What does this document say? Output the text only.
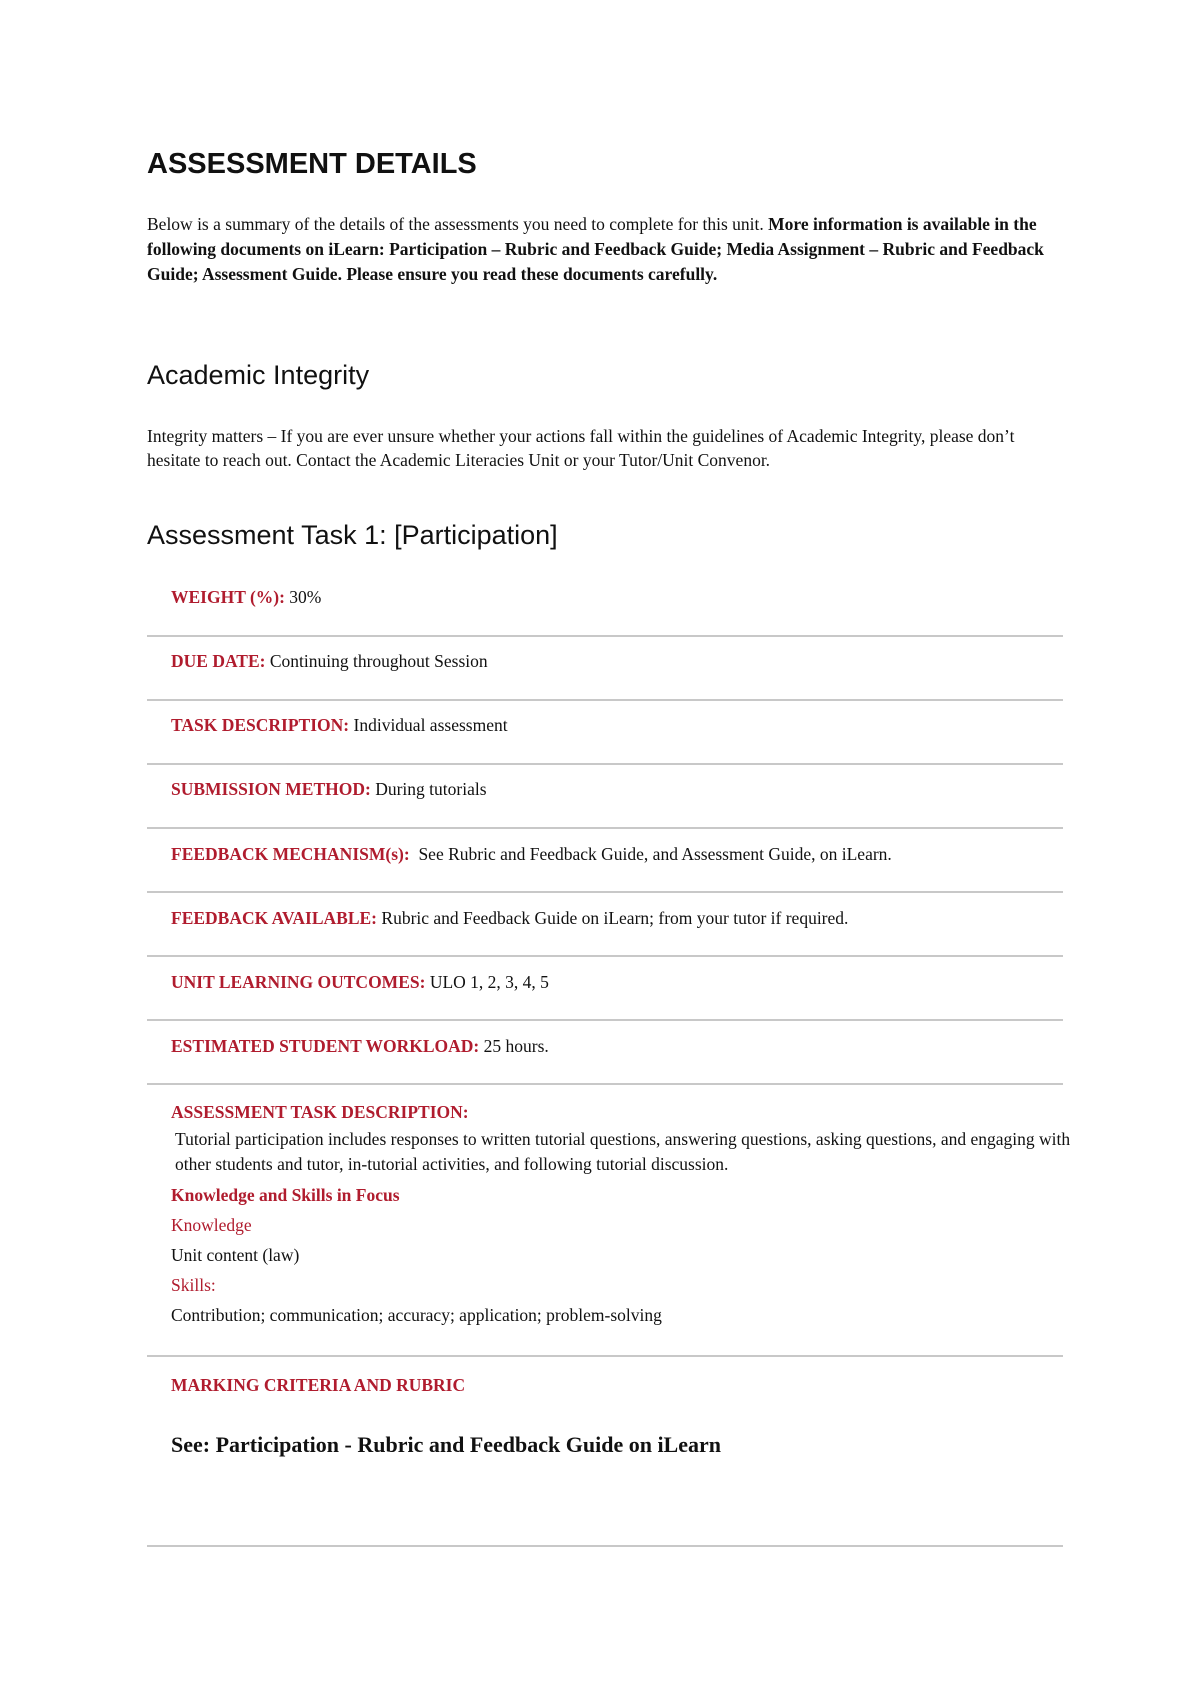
ASSESSMENT DETAILS

Below is a summary of the details of the assessments you need to complete for this unit. More information is available in the following documents on iLearn: Participation – Rubric and Feedback Guide; Media Assignment – Rubric and Feedback Guide; Assessment Guide. Please ensure you read these documents carefully.

Academic Integrity

Integrity matters – If you are ever unsure whether your actions fall within the guidelines of Academic Integrity, please don’t hesitate to reach out. Contact the Academic Literacies Unit or your Tutor/Unit Convenor.

Assessment Task 1: [Participation]
WEIGHT (%): 30%
DUE DATE: Continuing throughout Session
TASK DESCRIPTION: Individual assessment
SUBMISSION METHOD: During tutorials
FEEDBACK MECHANISM(s):  See Rubric and Feedback Guide, and Assessment Guide, on iLearn.
FEEDBACK AVAILABLE: Rubric and Feedback Guide on iLearn; from your tutor if required.
UNIT LEARNING OUTCOMES: ULO 1, 2, 3, 4, 5
ESTIMATED STUDENT WORKLOAD: 25 hours.
ASSESSMENT TASK DESCRIPTION:
Tutorial participation includes responses to written tutorial questions, answering questions, asking questions, and engaging with other students and tutor, in-tutorial activities, and following tutorial discussion.
Knowledge and Skills in Focus
Knowledge
Unit content (law)
Skills:
Contribution; communication; accuracy; application; problem-solving
MARKING CRITERIA AND RUBRIC
See: Participation - Rubric and Feedback Guide on iLearn
